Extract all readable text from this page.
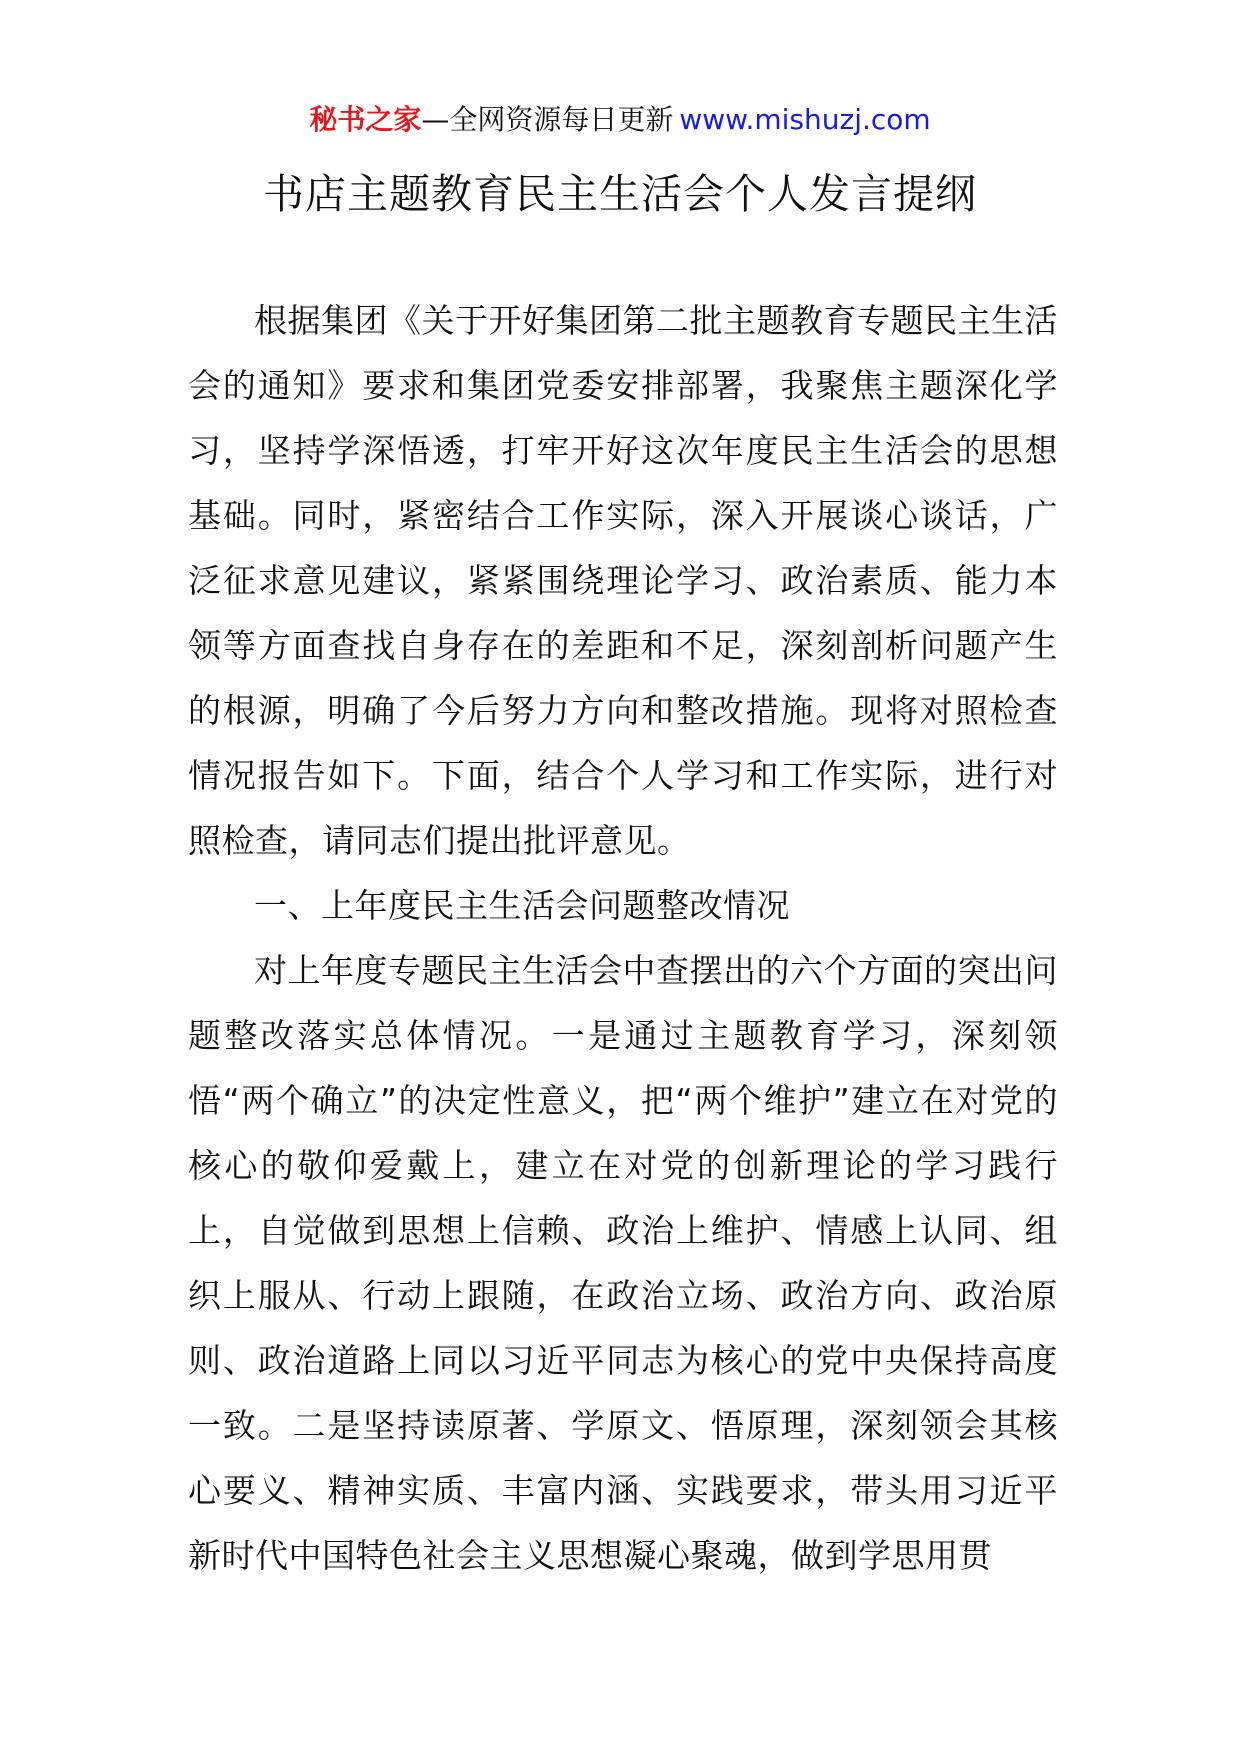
秘书之家—全网资源每日更新 www.mishuzj.com
书店主题教育民主生活会个人发言提纲

根据集团《关于开好集团第二批主题教育专题民主生活会的通知》要求和集团党委安排部署，我聚焦主题深化学习，坚持学深悟透，打牢开好这次年度民主生活会的思想基础。同时，紧密结合工作实际，深入开展谈心谈话，广泛征求意见建议，紧紧围绕理论学习、政治素质、能力本领等方面查找自身存在的差距和不足，深刻剖析问题产生的根源，明确了今后努力方向和整改措施。现将对照检查情况报告如下。下面，结合个人学习和工作实际，进行对照检查，请同志们提出批评意见。

一、上年度民主生活会问题整改情况

对上年度专题民主生活会中查摆出的六个方面的突出问题整改落实总体情况。一是通过主题教育学习，深刻领悟“两个确立”的决定性意义，把“两个维护”建立在对党的核心的敬仰爱戴上，建立在对党的创新理论的学习践行上，自觉做到思想上信赖、政治上维护、情感上认同、组织上服从、行动上跟随，在政治立场、政治方向、政治原则、政治道路上同以习近平同志为核心的党中央保持高度一致。二是坚持读原著、学原文、悟原理，深刻领会其核心要义、精神实质、丰富内涵、实践要求，带头用习近平新时代中国特色社会主义思想凝心聚魂，做到学思用贯
